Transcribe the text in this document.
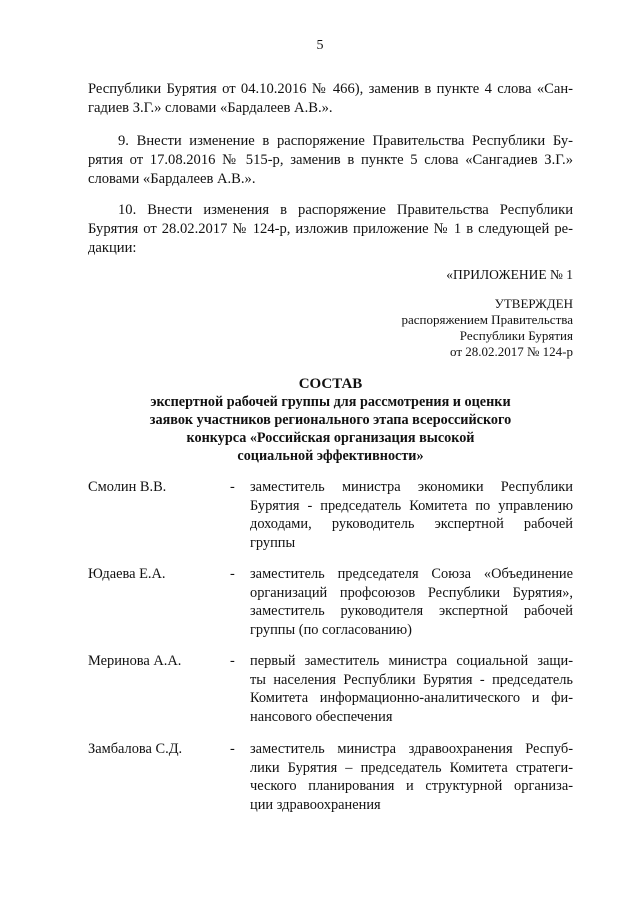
5
Республики Бурятия от 04.10.2016 № 466), заменив в пункте 4 слова «Сан-
гадиев З.Г.» словами «Бардалеев А.В.».
9. Внести изменение в распоряжение Правительства Республики Бу-
рятия от 17.08.2016 № 515-р, заменив в пункте 5 слова «Сангадиев З.Г.»
словами «Бардалеев А.В.».
10. Внести изменения в распоряжение Правительства Республики
Бурятия от 28.02.2017 № 124-р, изложив приложение № 1 в следующей ре-
дакции:
«ПРИЛОЖЕНИЕ № 1
УТВЕРЖДЕН
распоряжением Правительства
Республики Бурятия
от 28.02.2017 № 124-р
СОСТАВ
экспертной рабочей группы для рассмотрения и оценки
заявок участников регионального этапа всероссийского
конкурса «Российская организация высокой
социальной эффективности»
Смолин В.В.	- заместитель министра экономики Республики
Бурятия - председатель Комитета по управлению
доходами, руководитель экспертной рабочей
группы
Юдаева Е.А.	- заместитель председателя Союза «Объединение
организаций профсоюзов Республики Бурятия»,
заместитель руководителя экспертной рабочей
группы (по согласованию)
Меринова А.А.	- первый заместитель министра социальной защи-
ты населения Республики Бурятия - председатель
Комитета информационно-аналитического и фи-
нансового обеспечения
Замбалова С.Д.	- заместитель министра здравоохранения Респуб-
лики Бурятия – председатель Комитета стратеги-
ческого планирования и структурной организа-
ции здравоохранения
